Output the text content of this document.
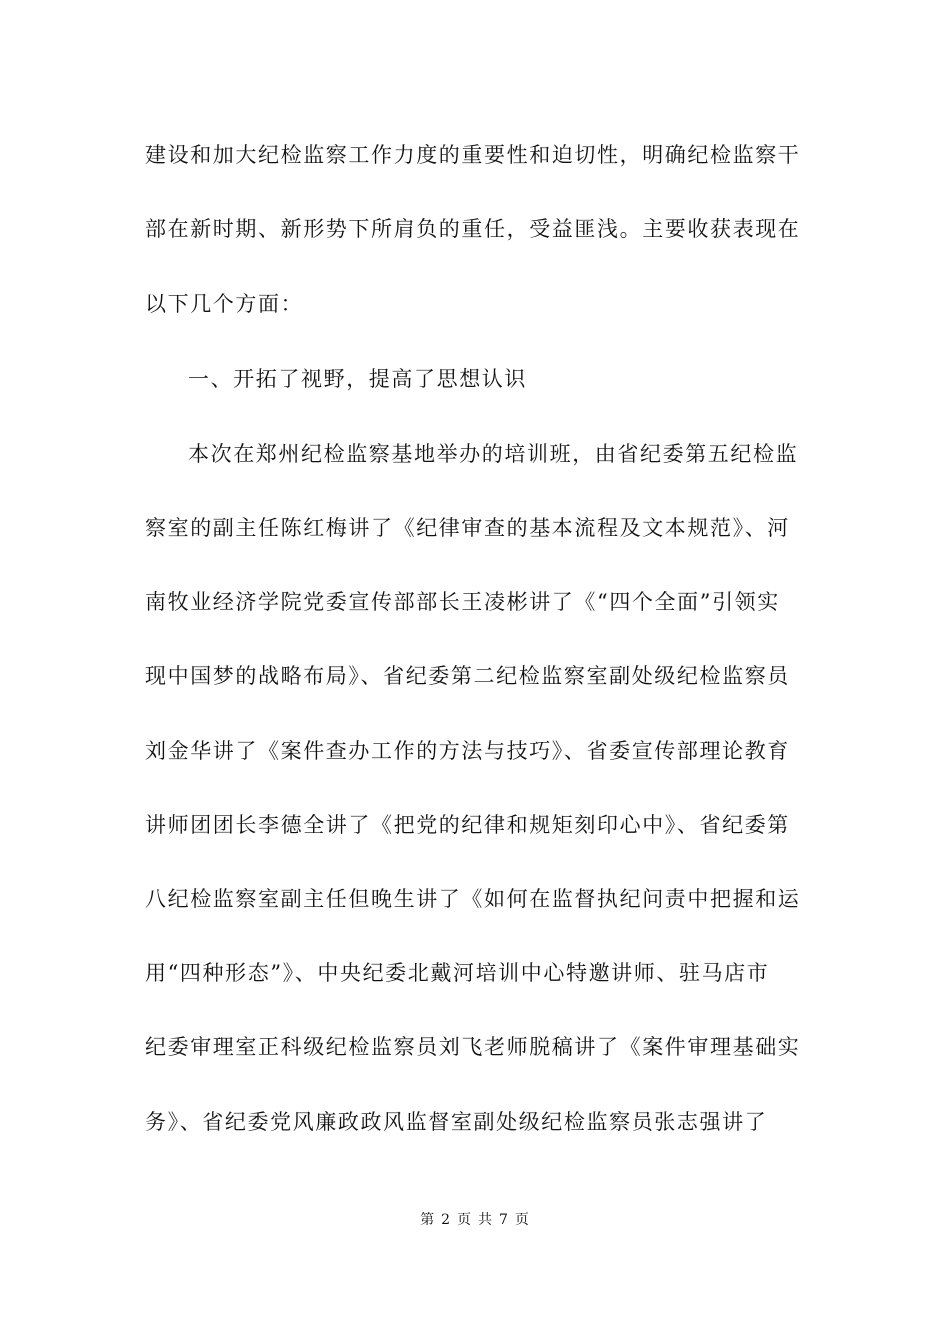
建设和加大纪检监察工作力度的重要性和迫切性，明确纪检监察干
部在新时期、新形势下所肩负的重任，受益匪浅。主要收获表现在
以下几个方面：
一、开拓了视野，提高了思想认识
本次在郑州纪检监察基地举办的培训班，由省纪委第五纪检监
察室的副主任陈红梅讲了《纪律审查的基本流程及文本规范》、河
南牧业经济学院党委宣传部部长王凌彬讲了《“四个全面”引领实
现中国梦的战略布局》、省纪委第二纪检监察室副处级纪检监察员
刘金华讲了《案件查办工作的方法与技巧》、省委宣传部理论教育
讲师团团长李德全讲了《把党的纪律和规矩刻印心中》、省纪委第
八纪检监察室副主任但晚生讲了《如何在监督执纪问责中把握和运
用“四种形态”》、中央纪委北戴河培训中心特邀讲师、驻马店市
纪委审理室正科级纪检监察员刘飞老师脱稿讲了《案件审理基础实
务》、省纪委党风廉政政风监督室副处级纪检监察员张志强讲了
第 2 页 共 7 页
